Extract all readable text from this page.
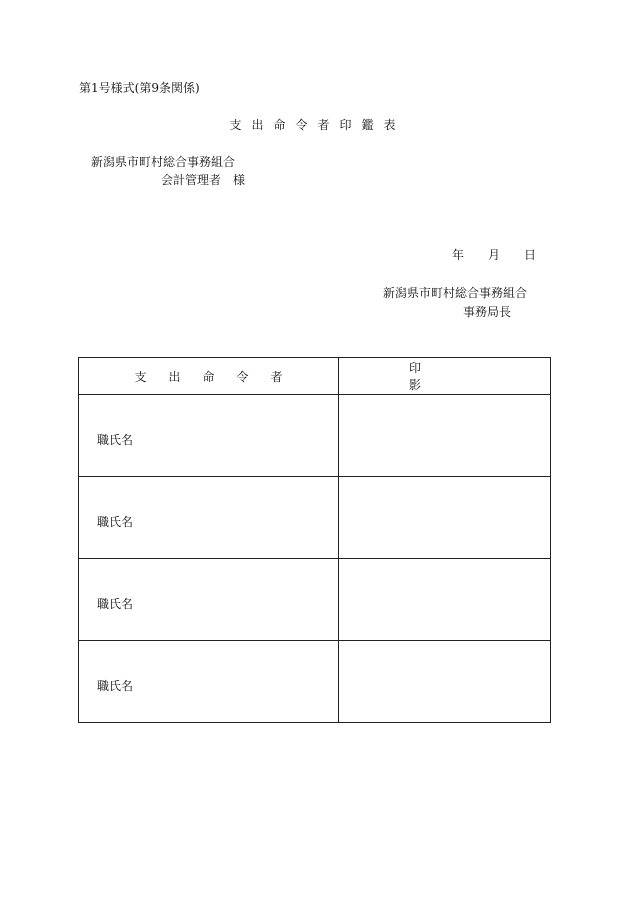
第1号様式(第9条関係)
支出命令者印鑑表
新潟県市町村総合事務組合
会計管理者　様
年 月 日
新潟県市町村総合事務組合
事務局長
支出命令者
印影
職氏名
職氏名
職氏名
職氏名
